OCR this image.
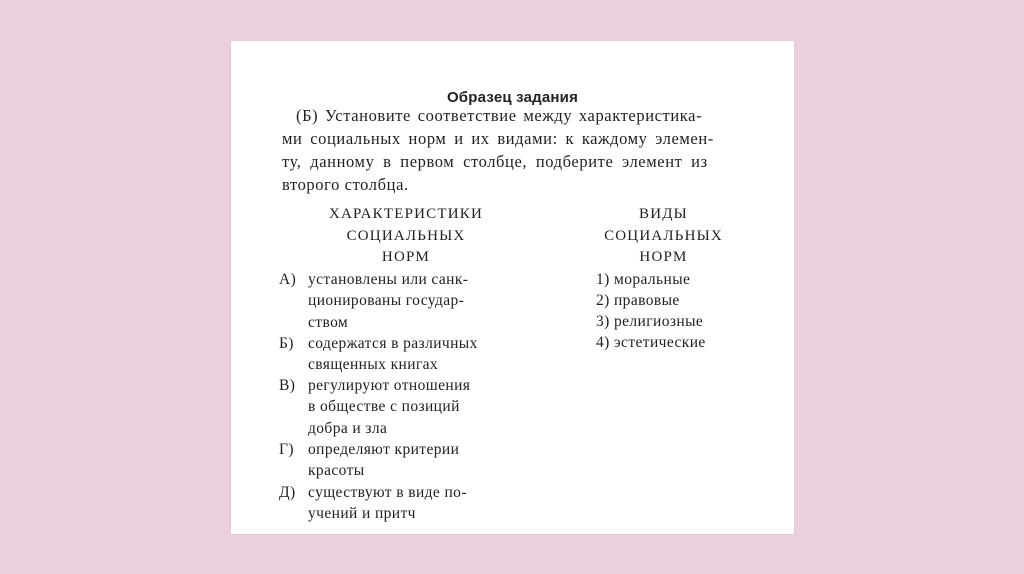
Образец задания
(Б) Установите соответствие между характеристика-
ми социальных норм и их видами: к каждому элемен-
ту, данному в первом столбце, подберите элемент из
второго столбца.
ХАРАКТЕРИСТИКИ
СОЦИАЛЬНЫХ
НОРМ
ВИДЫ
СОЦИАЛЬНЫХ
НОРМ
А) установлены или санк-
ционированы государ-
ством
Б) содержатся в различных
священных книгах
В) регулируют отношения
в обществе с позиций
добра и зла
Г) определяют критерии
красоты
Д) существуют в виде по-
учений и притч
1) моральные
2) правовые
3) религиозные
4) эстетические
